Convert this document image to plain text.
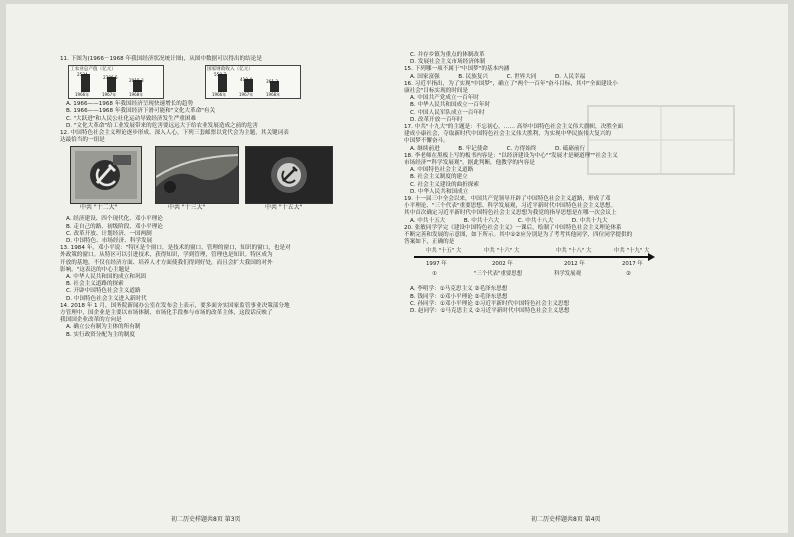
11. 下图为(1966－1968 年我国经济状况统计图)，从图中数据可以得出的结论是

工农业总产值（亿元）
2534.
2306.5
2015.3
1966年	1967年	1968年
国家财政收入（亿元）
558.7
419.4	361.3
1966年	1967年	1968年

A. 1966——1968 年我国经济呈现快速增长的趋势

B. 1966——1968 年我国经济下滑可能和"文化大革命"有关

C. "大跃进"和人民公社化运动导致经济发生严重困难

D. "文化大革命"给工业发展带来的危害要远远大于给农业发展造成之前的危害

12. 中国特色社会主义理论逐步形成、深入人心，下列三套邮票以党代会为主题，其关键词表

达最恰当的一组是

中共 "十二大"	中共 "十三大"	中共 "十五大"

A. 经济建设、四个现代化、邓小平理论

B. 走自己的路、初级阶段、邓小平理论

C. 改革开放、计划经济、一国两制

D. 中国特色、市场经济、科学发展

13. 1984 年，邓小平说："特区是个窗口，是技术的窗口，管理的窗口，知识的窗口，也是对

外政策的窗口。从特区可以引进技术，获得知识，学到管理，管理也是知识。特区成为

开放的基地，不仅在经济方面、培养人才方面使我们得到好处，而且会扩大我国的对外

影响。"这表达的中心主题是

A. 中华人民共和国的成立和巩固

B. 社会主义道路的探索

C. 开辟中国特色社会主义道路

D. 中国特色社会主义进入新时代

14. 2018 年 1 月，国务院新闻办公室在发布会上表示，要多面夯实国家监管事业决策部分地

方管理中，国企业是主要以市场体制、市场化手段参与市场的改革主体，这段话反映了

我国国企业改革的方向是

A. 确立公有制为主体的所有制

B. 实行政资分配为主的制度

初二历史样题共8页 第3页

C. 并存乡镇为重点的体制改革

D. 发展社会主义市场经济体制

15. 下列哪一项不属于"中国梦"的基本内涵

A. 国家富强   	B. 民族复兴   	C. 世界大同   	D. 人民幸福

16. 习近平指出，为了实现"中国梦"，确立了"两个一百年"奋斗目标，其中"全面建设小

康社会"目标实现的时间是

A. 中国共产党成立一百年时

B. 中华人民共和国成立一百年时

C. 中国人民军队成立一百年时

D. 改革开放一百年时

17. 中共"十九大"的主题是：不忘初心，…… 高举中国特色社会主义伟大旗帜，决胜全面

建成小康社会，夺取新时代中国特色社会主义伟大胜利，为实现中华民族伟大复兴的

中国梦不懈奋斗。

A. 继续前进   	B. 牢记使命   	C. 方得始终   	D. 砥砺前行

18. 李老师在黑板上写的板书内容是："以经济建设为中心""发展才是硬道理""社会主义

市场经济""科学发展观"。据此判断，他教学的内容是

A. 中国特色社会主义道路

B. 社会主义制度的建立

C. 社会主义建设的曲折探索

D. 中华人民共和国成立

19. 十一届三中全会以来，中国共产党领导开辟了中国特色社会主义道路，形成了邓

小平理论、"三个代表"重要思想、科学发展观，习近平新时代中国特色社会主义思想。

其中首次确定习近平新时代中国特色社会主义思想为我党的指导思想是在哪一次会议上

A. 中共十五大   	B. 中共十六大   	C. 中共十八大   	D. 中共十九大

20. 张敏同学学完《建设中国特色社会主义》一课后，绘制了中国特色社会主义理论体系

不断完善和发展的示意图，如下所示。其中①②应分别是为了考考其他同学，四位同学提供的

答案如下，正确的是

中共 "十五" 大	中共 "十六" 大	中共 "十八" 大	中共 "十九" 大
1997 年	2002 年	2012 年	2017 年
①	"三个代表"重要思想	科学发展观	②

A. 李明学：①马克思主义 ②毛泽东思想

B. 钱同学：①邓小平理论 ②毛泽东思想

C. 孙同学：①邓小平理论 ②习近平新时代中国特色社会主义思想

D. 赵同学：①马克思主义 ②习近平新时代中国特色社会主义思想

初二历史样题共8页 第4页
